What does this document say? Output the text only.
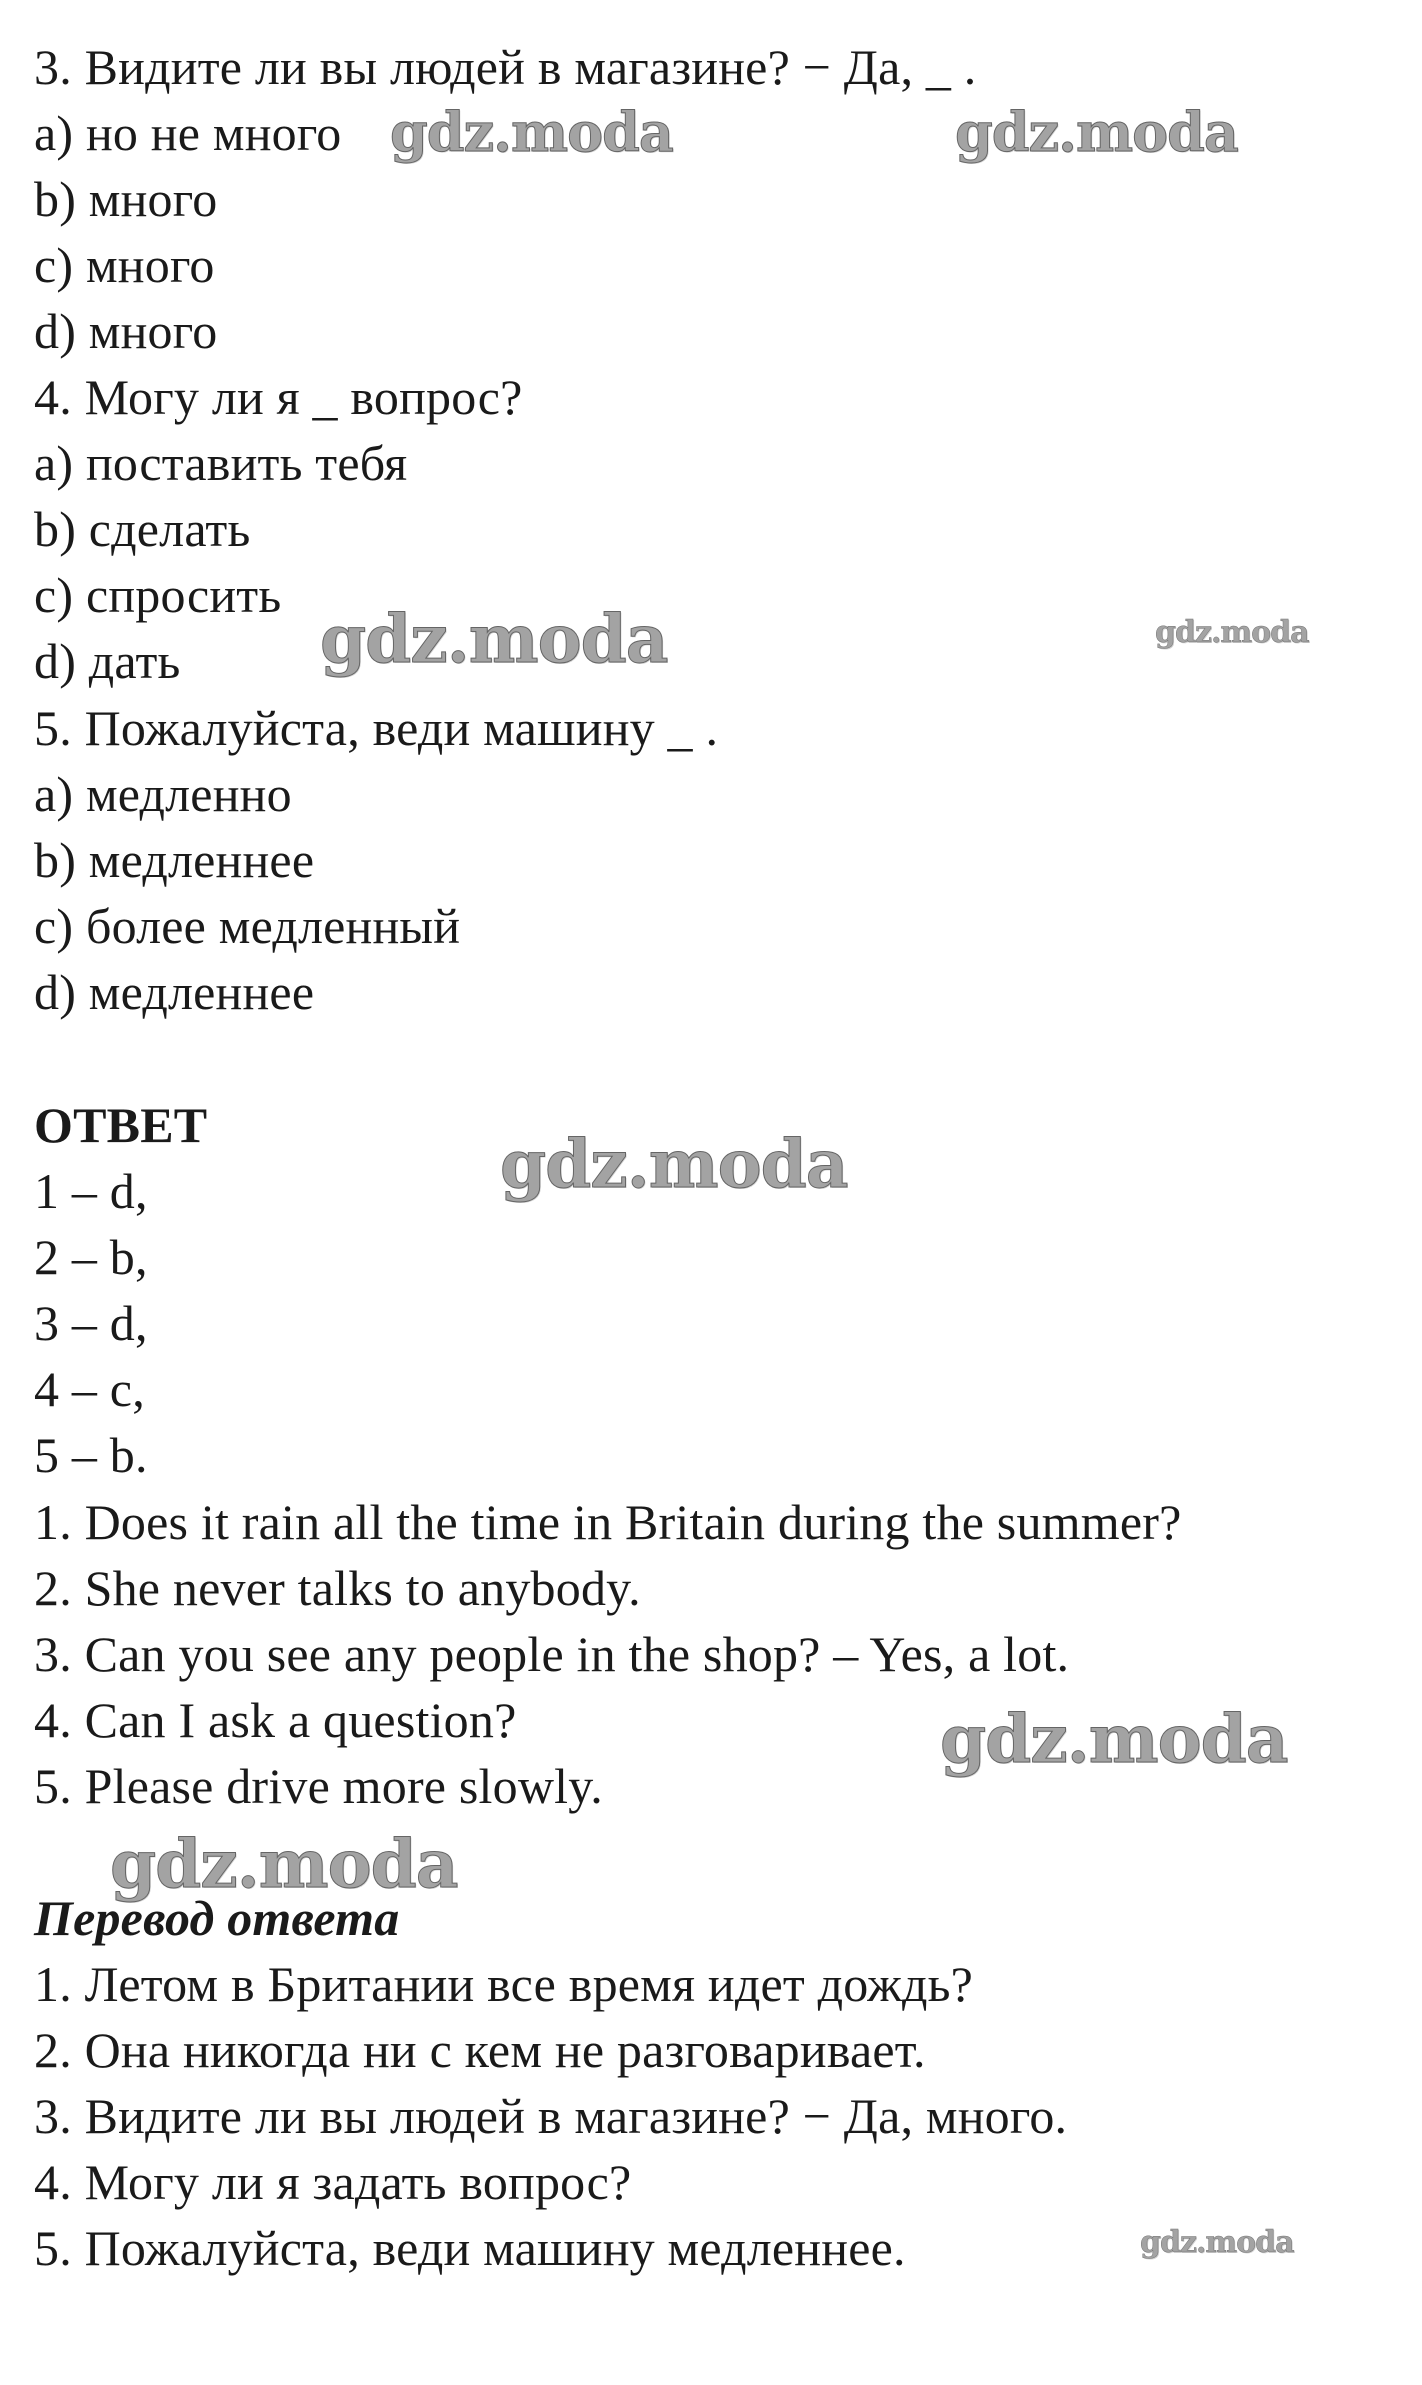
3. Видите ли вы людей в магазине? − Да, _ .
a) но не много
b) много
c) много
d) много
4. Могу ли я _ вопрос?
a) поставить тебя
b) сделать
c) спросить
d) дать
5. Пожалуйста, веди машину _ .
a) медленно
b) медленнее
c) более медленный
d) медленнее
ОТВЕТ
1 – d,
2 – b,
3 – d,
4 – c,
5 – b.
1. Does it rain all the time in Britain during the summer?
2. She never talks to anybody.
3. Can you see any people in the shop? – Yes, a lot.
4. Can I ask a question?
5. Please drive more slowly.
Перевод ответа
1. Летом в Британии все время идет дождь?
2. Она никогда ни с кем не разговаривает.
3. Видите ли вы людей в магазине? − Да, много.
4. Могу ли я задать вопрос?
5. Пожалуйста, веди машину медленнее.
gdz.moda	gdz.moda
gdz.moda	gdz.moda
gdz.moda
gdz.moda
gdz.moda
gdz.moda
